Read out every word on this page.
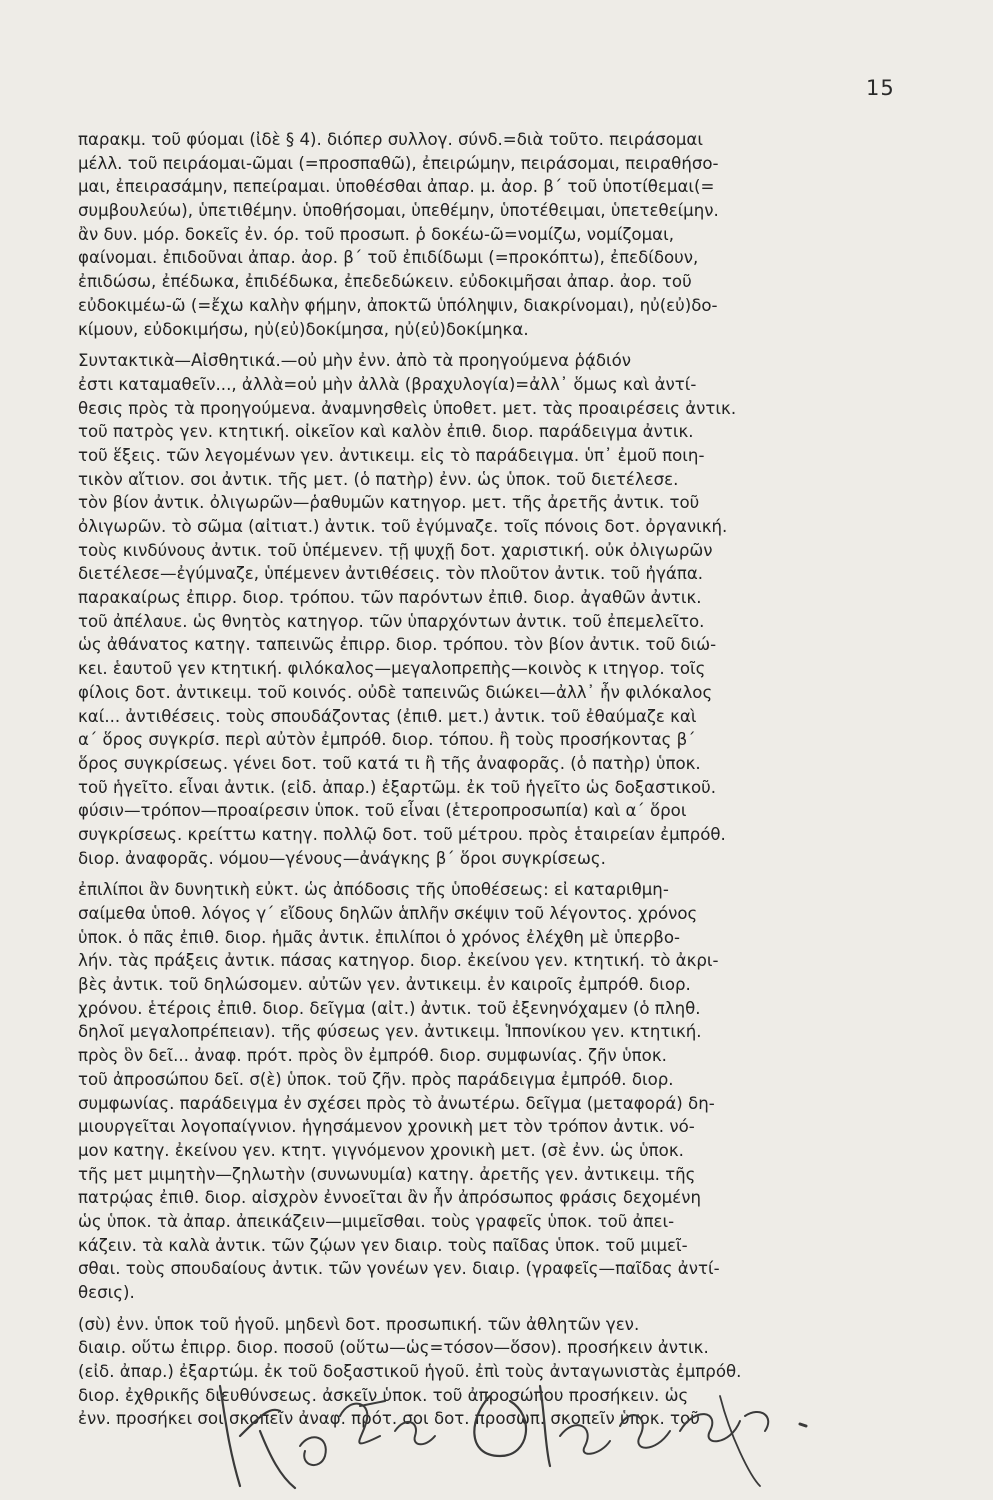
15
παρακμ. τοῦ φύομαι (ἰδὲ § 4). διόπερ συλλογ. σύνδ.=διὰ τοῦτο. πειράσομαι
μέλλ. τοῦ πειράομαι-ῶμαι (=προσπαθῶ), ἐπειρώμην, πειράσομαι, πειραθήσο-
μαι, ἐπειρασάμην, πεπείραμαι. ὑποθέσθαι ἀπαρ. μ. ἀορ. β΄ τοῦ ὑποτίθεμαι(=
συμβουλεύω), ὑπετιθέμην. ὑποθήσομαι, ὑπεθέμην, ὑποτέθειμαι, ὑπετεθείμην.
ἂν δυν. μόρ. δοκεῖς ἐν. όρ. τοῦ προσωπ. ῥ δοκέω-ῶ=νομίζω, νομίζομαι,
φαίνομαι. ἐπιδοῦναι ἀπαρ. ἀορ. β΄ τοῦ ἐπιδίδωμι (=προκόπτω), ἐπεδίδουν,
ἐπιδώσω, ἐπέδωκα, ἐπιδέδωκα, ἐπεδεδώκειν. εὐδοκιμῆσαι ἀπαρ. ἀορ. τοῦ
εὐδοκιμέω-ῶ (=ἔχω καλὴν φήμην, ἀποκτῶ ὑπόληψιν, διακρίνομαι), ηὐ(εὐ)δο-
κίμουν, εὐδοκιμήσω, ηὐ(εὐ)δοκίμησα, ηὐ(εὐ)δοκίμηκα.
Συντακτικὰ—Αἰσθητικά.—οὐ μὴν ἐνν. ἀπὸ τὰ προηγούμενα ῥᾴδιόν
ἐστι καταμαθεῖν..., ἀλλὰ=οὐ μὴν ἀλλὰ (βραχυλογία)=ἀλλ᾽ ὅμως καὶ ἀντί-
θεσις πρὸς τὰ προηγούμενα. ἀναμνησθεὶς ὑποθετ. μετ. τὰς προαιρέσεις ἀντικ.
τοῦ πατρὸς γεν. κτητική. οἰκεῖον καὶ καλὸν ἐπιθ. διορ. παράδειγμα ἀντικ.
τοῦ ἕξεις. τῶν λεγομένων γεν. ἀντικειμ. εἰς τὸ παράδειγμα. ὑπ᾽ ἐμοῦ ποιη-
τικὸν αἴτιον. σοι ἀντικ. τῆς μετ. (ὁ πατὴρ) ἐνν. ὡς ὑποκ. τοῦ διετέλεσε.
τὸν βίον ἀντικ. ὀλιγωρῶν—ῥαθυμῶν κατηγορ. μετ. τῆς ἀρετῆς ἀντικ. τοῦ
ὀλιγωρῶν. τὸ σῶμα (αἰτιατ.) ἀντικ. τοῦ ἐγύμναζε. τοῖς πόνοις δοτ. ὀργανική.
τοὺς κινδύνους ἀντικ. τοῦ ὑπέμενεν. τῇ ψυχῇ δοτ. χαριστική. οὐκ ὀλιγωρῶν
διετέλεσε—ἐγύμναζε, ὑπέμενεν ἀντιθέσεις. τὸν πλοῦτον ἀντικ. τοῦ ἠγάπα.
παρακαίρως ἐπιρρ. διορ. τρόπου. τῶν παρόντων ἐπιθ. διορ. ἀγαθῶν ἀντικ.
τοῦ ἀπέλαυε. ὡς θνητὸς κατηγορ. τῶν ὑπαρχόντων ἀντικ. τοῦ ἐπεμελεῖτο.
ὡς ἀθάνατος κατηγ. ταπεινῶς ἐπιρρ. διορ. τρόπου. τὸν βίον ἀντικ. τοῦ διώ-
κει. ἑαυτοῦ γεν κτητική. φιλόκαλος—μεγαλοπρεπὴς—κοινὸς κ ιτηγορ. τοῖς
φίλοις δοτ. ἀντικειμ. τοῦ κοινός. οὐδὲ ταπεινῶς διώκει—ἀλλ᾽ ἦν φιλόκαλος
καί... ἀντιθέσεις. τοὺς σπουδάζοντας (ἐπιθ. μετ.) ἀντικ. τοῦ ἐθαύμαζε καὶ
α΄ ὅρος συγκρίσ. περὶ αὐτὸν ἐμπρόθ. διορ. τόπου. ἢ τοὺς προσήκοντας β΄
ὅρος συγκρίσεως. γένει δοτ. τοῦ κατά τι ἢ τῆς ἀναφορᾶς. (ὁ πατὴρ) ὑποκ.
τοῦ ἡγεῖτο. εἶναι ἀντικ. (εἰδ. ἀπαρ.) ἐξαρτῶμ. ἐκ τοῦ ἡγεῖτο ὡς δοξαστικοῦ.
φύσιν—τρόπον—προαίρεσιν ὑποκ. τοῦ εἶναι (ἑτεροπροσωπία) καὶ α΄ ὅροι
συγκρίσεως. κρείττω κατηγ. πολλῷ δοτ. τοῦ μέτρου. πρὸς ἑταιρείαν ἐμπρόθ.
διορ. ἀναφορᾶς. νόμου—γένους—ἀνάγκης β΄ ὅροι συγκρίσεως.
ἐπιλίποι ἂν δυνητικὴ εὐκτ. ὡς ἀπόδοσις τῆς ὑποθέσεως: εἰ καταριθμη-
σαίμεθα ὑποθ. λόγος γ΄ εἴδους δηλῶν ἁπλῆν σκέψιν τοῦ λέγοντος. χρόνος
ὑποκ. ὁ πᾶς ἐπιθ. διορ. ἡμᾶς ἀντικ. ἐπιλίποι ὁ χρόνος ἐλέχθη μὲ ὑπερβο-
λήν. τὰς πράξεις ἀντικ. πάσας κατηγορ. διορ. ἐκείνου γεν. κτητική. τὸ ἀκρι-
βὲς ἀντικ. τοῦ δηλώσομεν. αὐτῶν γεν. ἀντικειμ. ἐν καιροῖς ἐμπρόθ. διορ.
χρόνου. ἑτέροις ἐπιθ. διορ. δεῖγμα (αἰτ.) ἀντικ. τοῦ ἐξενηνόχαμεν (ὁ πληθ.
δηλοῖ μεγαλοπρέπειαν). τῆς φύσεως γεν. ἀντικειμ. Ἱππονίκου γεν. κτητική.
πρὸς ὃν δεῖ... ἀναφ. πρότ. πρὸς ὃν ἐμπρόθ. διορ. συμφωνίας. ζῆν ὑποκ.
τοῦ ἀπροσώπου δεῖ. σ(ὲ) ὑποκ. τοῦ ζῆν. πρὸς παράδειγμα ἐμπρόθ. διορ.
συμφωνίας. παράδειγμα ἐν σχέσει πρὸς τὸ ἀνωτέρω. δεῖγμα (μεταφορά) δη-
μιουργεῖται λογοπαίγνιον. ἡγησάμενον χρονικὴ μετ τὸν τρόπον ἀντικ. νό-
μον κατηγ. ἐκείνου γεν. κτητ. γιγνόμενον χρονικὴ μετ. (σὲ ἐνν. ὡς ὑποκ.
τῆς μετ μιμητὴν—ζηλωτὴν (συνωνυμία) κατηγ. ἀρετῆς γεν. ἀντικειμ. τῆς
πατρῴας ἐπιθ. διορ. αἰσχρὸν ἐννοεῖται ἂν ἦν ἀπρόσωπος φράσις δεχομένη
ὡς ὑποκ. τὰ ἀπαρ. ἀπεικάζειν—μιμεῖσθαι. τοὺς γραφεῖς ὑποκ. τοῦ ἀπει-
κάζειν. τὰ καλὰ ἀντικ. τῶν ζῴων γεν διαιρ. τοὺς παῖδας ὑποκ. τοῦ μιμεῖ-
σθαι. τοὺς σπουδαίους ἀντικ. τῶν γονέων γεν. διαιρ. (γραφεῖς—παῖδας ἀντί-
θεσις).
(σὺ) ἐνν. ὑποκ τοῦ ἡγοῦ. μηδενὶ δοτ. προσωπική. τῶν ἀθλητῶν γεν.
διαιρ. οὕτω ἐπιρρ. διορ. ποσοῦ (οὕτω—ὡς=τόσον—ὅσον). προσήκειν ἀντικ.
(εἰδ. ἀπαρ.) ἐξαρτώμ. ἐκ τοῦ δοξαστικοῦ ἡγοῦ. ἐπὶ τοὺς ἀνταγωνιστὰς ἐμπρόθ.
διορ. ἐχθρικῆς διευθύνσεως. ἀσκεῖν ὑποκ. τοῦ ἀπροσώπου προσήκειν. ὡς
ἐνν. προσήκει σοι σκοπεῖν ἀναφ. πρότ. σοι δοτ. προσωπ. σκοπεῖν ὑποκ. τοῦ
